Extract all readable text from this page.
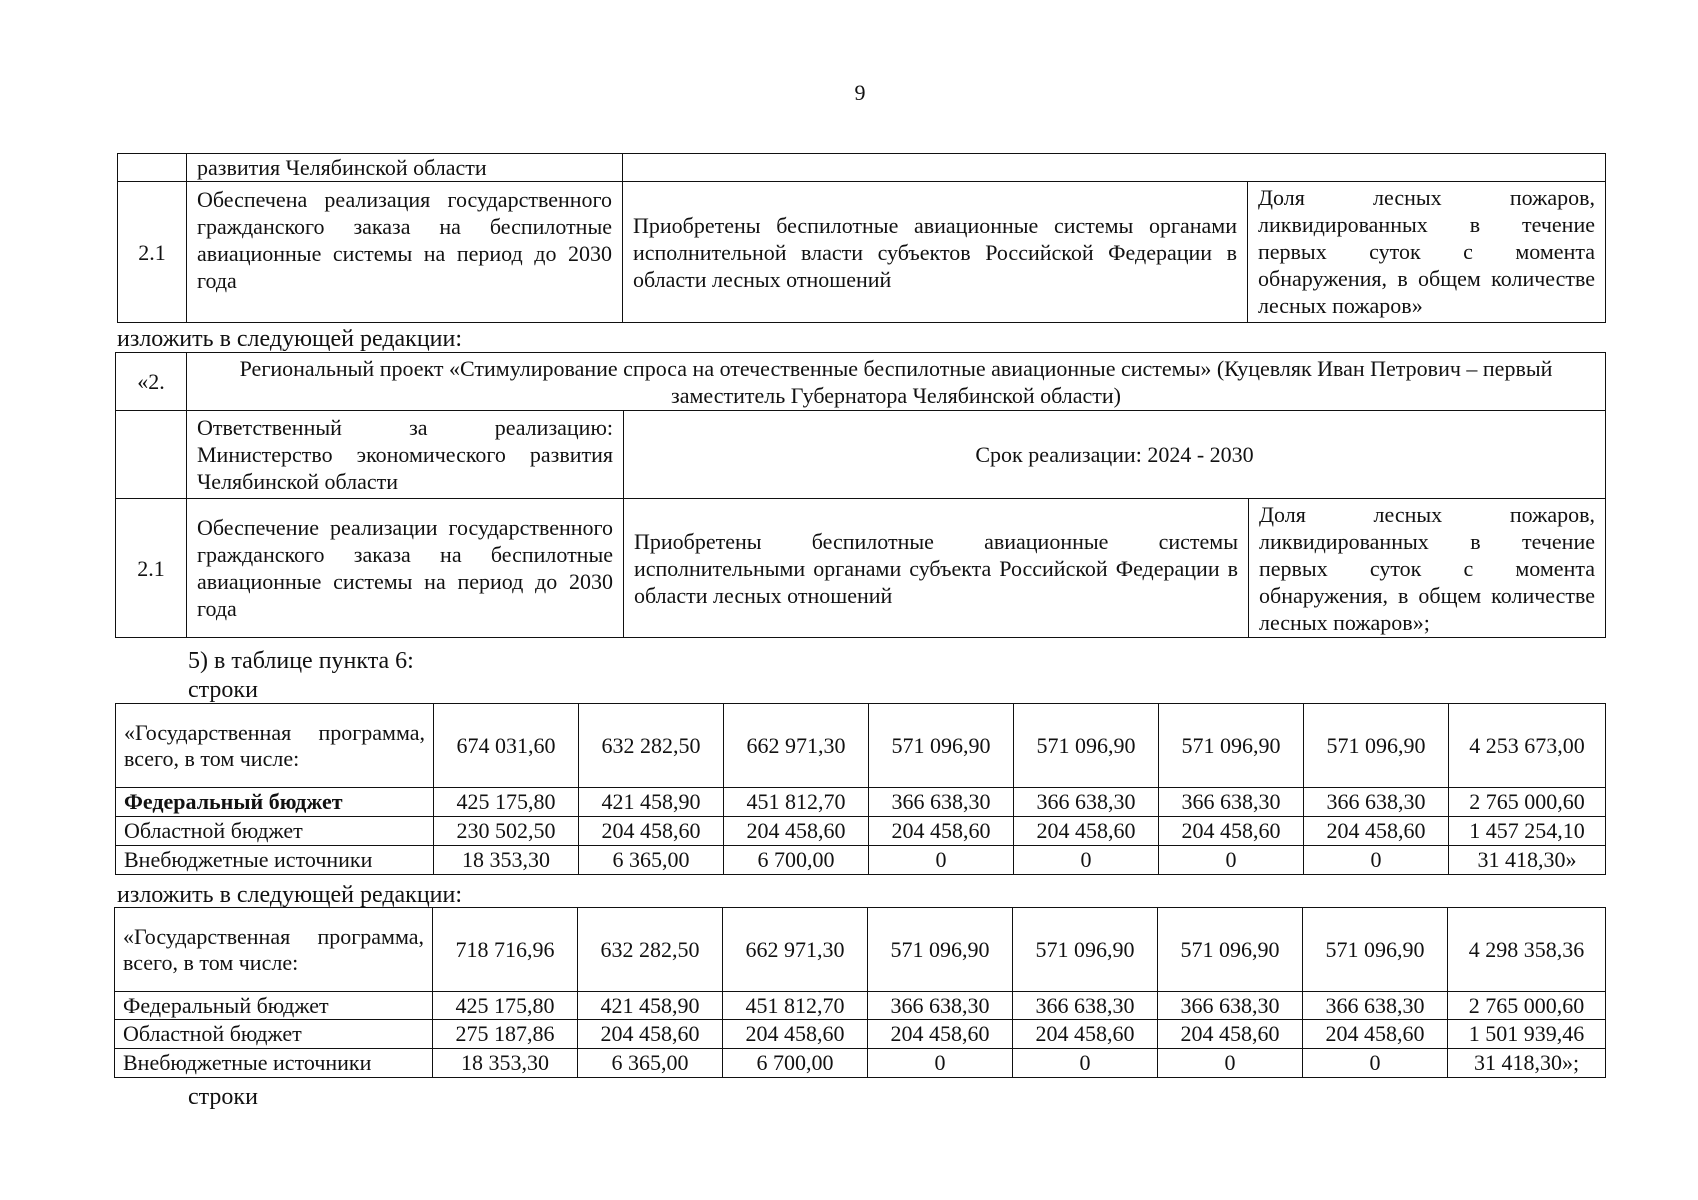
9
	развития Челябинской области		
2.1	Обеспечена реализация государственного гражданского заказа на беспилотные авиационные системы на период до 2030 года	Приобретены беспилотные авиационные системы органами исполнительной власти субъектов Российской Федерации в области лесных отношений	Доля лесных пожаров, ликвидированных в течение первых суток с момента обнаружения, в общем количестве лесных пожаров»
изложить в следующей редакции:
«2.	Региональный проект «Стимулирование спроса на отечественные беспилотные авиационные системы» (Куцевляк Иван Петрович – первый заместитель Губернатора Челябинской области)		
	Ответственный за реализацию: Министерство экономического развития Челябинской области	Срок реализации: 2024 - 2030	
2.1	Обеспечение реализации государственного гражданского заказа на беспилотные авиационные системы на период до 2030 года	Приобретены беспилотные авиационные системы исполнительными органами субъекта Российской Федерации в области лесных отношений	Доля лесных пожаров, ликвидированных в течение первых суток с момента обнаружения, в общем количестве лесных пожаров»;
5) в таблице пункта 6:
строки
«Государственная программа, всего, в том числе:	674 031,60	632 282,50	662 971,30	571 096,90	571 096,90	571 096,90	571 096,90	4 253 673,00
Федеральный бюджет	425 175,80	421 458,90	451 812,70	366 638,30	366 638,30	366 638,30	366 638,30	2 765 000,60
Областной бюджет	230 502,50	204 458,60	204 458,60	204 458,60	204 458,60	204 458,60	204 458,60	1 457 254,10
Внебюджетные источники	18 353,30	6 365,00	6 700,00	0	0	0	0	31 418,30»
изложить в следующей редакции:
«Государственная программа, всего, в том числе:	718 716,96	632 282,50	662 971,30	571 096,90	571 096,90	571 096,90	571 096,90	4 298 358,36
Федеральный бюджет	425 175,80	421 458,90	451 812,70	366 638,30	366 638,30	366 638,30	366 638,30	2 765 000,60
Областной бюджет	275 187,86	204 458,60	204 458,60	204 458,60	204 458,60	204 458,60	204 458,60	1 501 939,46
Внебюджетные источники	18 353,30	6 365,00	6 700,00	0	0	0	0	31 418,30»;
строки
